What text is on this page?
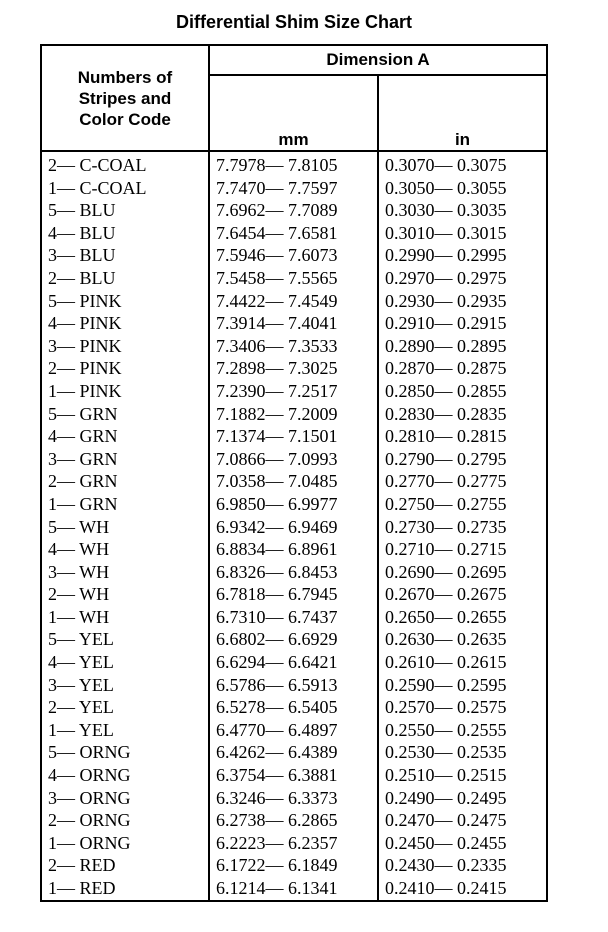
Differential Shim Size Chart
Numbers of
Stripes and
Color Code	Dimension A	
	mm	in
2— C-COAL	7.7978— 7.8105	0.3070— 0.3075
1— C-COAL	7.7470— 7.7597	0.3050— 0.3055
5— BLU	7.6962— 7.7089	0.3030— 0.3035
4— BLU	7.6454— 7.6581	0.3010— 0.3015
3— BLU	7.5946— 7.6073	0.2990— 0.2995
2— BLU	7.5458— 7.5565	0.2970— 0.2975
5— PINK	7.4422— 7.4549	0.2930— 0.2935
4— PINK	7.3914— 7.4041	0.2910— 0.2915
3— PINK	7.3406— 7.3533	0.2890— 0.2895
2— PINK	7.2898— 7.3025	0.2870— 0.2875
1— PINK	7.2390— 7.2517	0.2850— 0.2855
5— GRN	7.1882— 7.2009	0.2830— 0.2835
4— GRN	7.1374— 7.1501	0.2810— 0.2815
3— GRN	7.0866— 7.0993	0.2790— 0.2795
2— GRN	7.0358— 7.0485	0.2770— 0.2775
1— GRN	6.9850— 6.9977	0.2750— 0.2755
5— WH	6.9342— 6.9469	0.2730— 0.2735
4— WH	6.8834— 6.8961	0.2710— 0.2715
3— WH	6.8326— 6.8453	0.2690— 0.2695
2— WH	6.7818— 6.7945	0.2670— 0.2675
1— WH	6.7310— 6.7437	0.2650— 0.2655
5— YEL	6.6802— 6.6929	0.2630— 0.2635
4— YEL	6.6294— 6.6421	0.2610— 0.2615
3— YEL	6.5786— 6.5913	0.2590— 0.2595
2— YEL	6.5278— 6.5405	0.2570— 0.2575
1— YEL	6.4770— 6.4897	0.2550— 0.2555
5— ORNG	6.4262— 6.4389	0.2530— 0.2535
4— ORNG	6.3754— 6.3881	0.2510— 0.2515
3— ORNG	6.3246— 6.3373	0.2490— 0.2495
2— ORNG	6.2738— 6.2865	0.2470— 0.2475
1— ORNG	6.2223— 6.2357	0.2450— 0.2455
2— RED	6.1722— 6.1849	0.2430— 0.2335
1— RED	6.1214— 6.1341	0.2410— 0.2415
